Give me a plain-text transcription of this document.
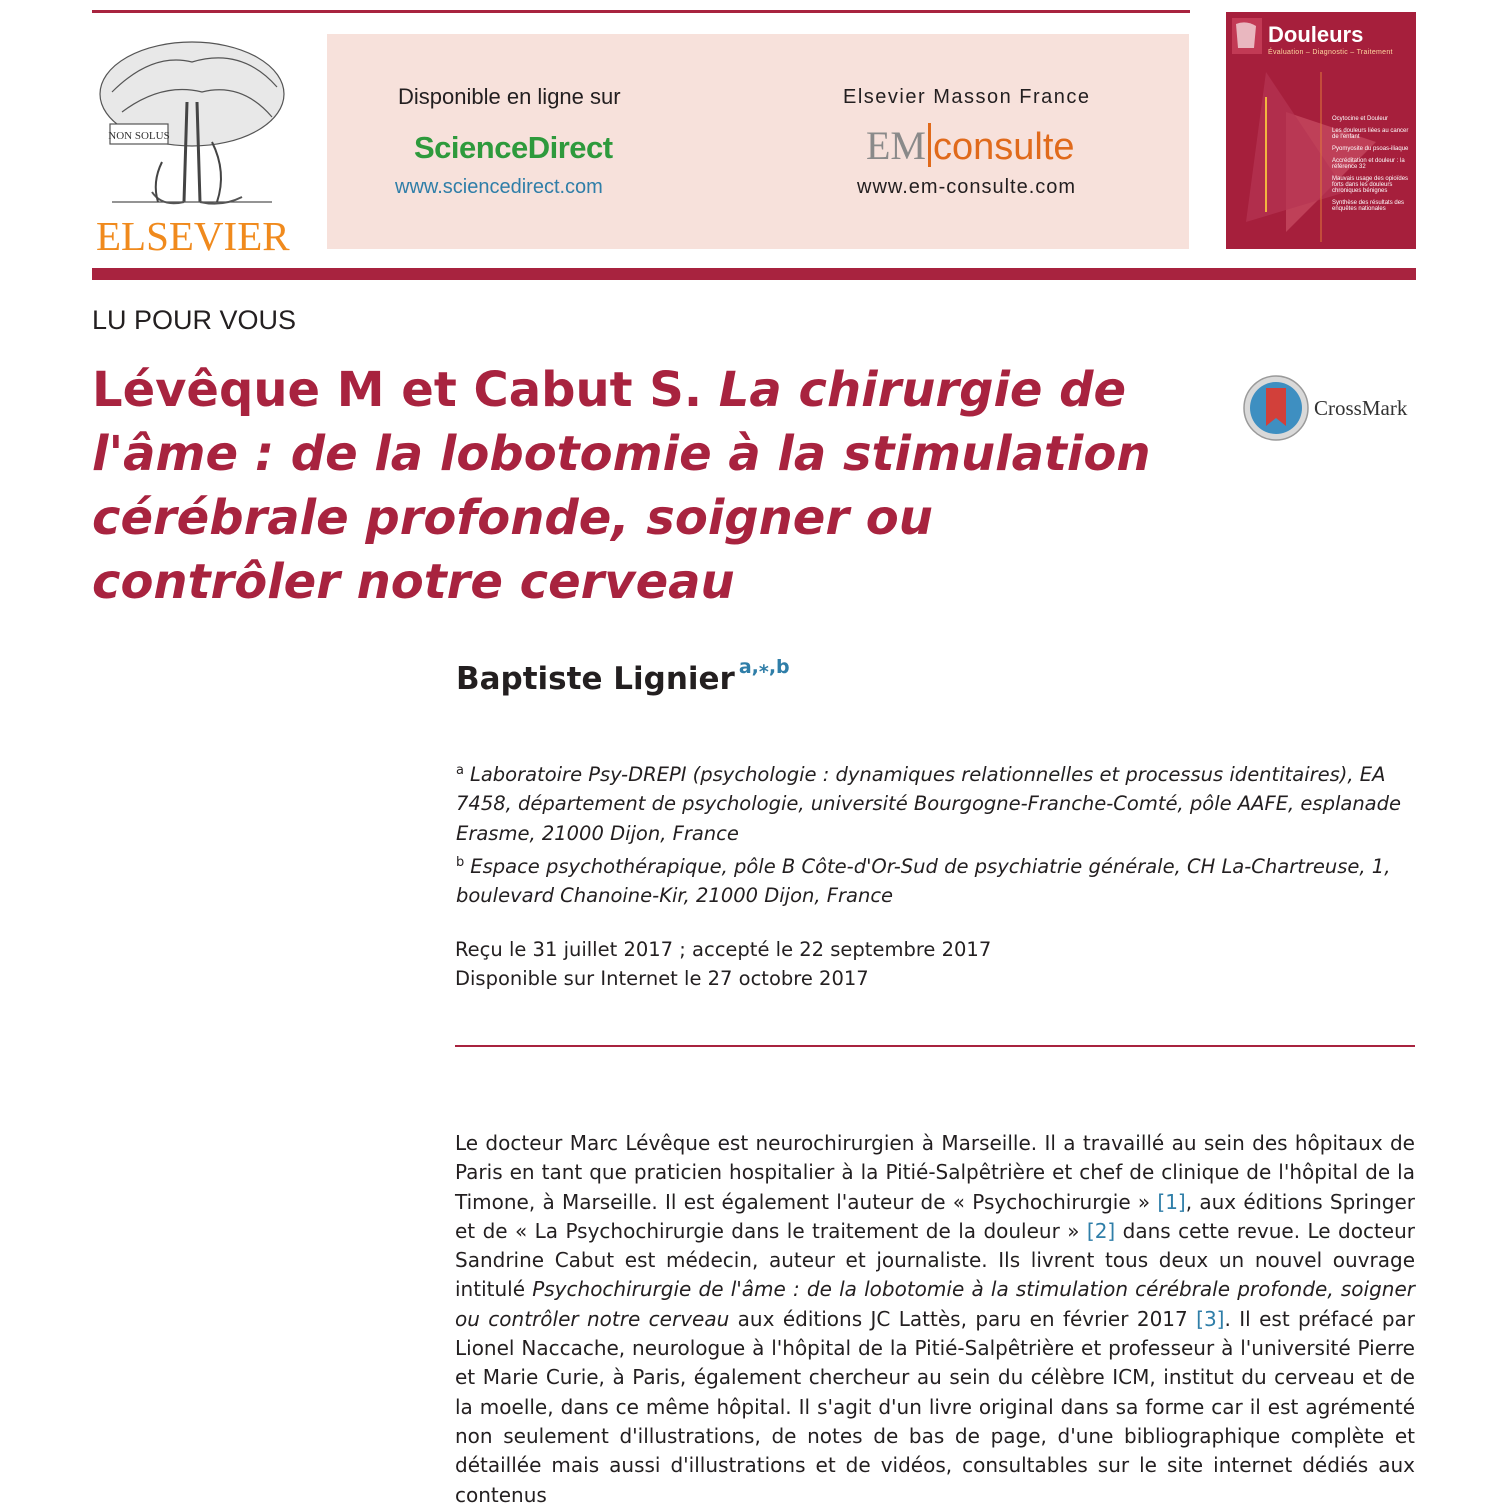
NON SOLUS
ELSEVIER
Disponible en ligne sur
ScienceDirect
www.sciencedirect.com
Elsevier Masson France
EM consulte
www.em-consulte.com
Douleurs
Évaluation – Diagnostic – Traitement
Ocytocine et Douleur
Les douleurs liées au cancer de l'enfant
Pyomyosite du psoas-iliaque
Accréditation et douleur : la référence 32
Mauvais usage des opioïdes forts dans les douleurs chroniques bénignes
Synthèse des résultats des enquêtes nationales
LU POUR VOUS
Lévêque M et Cabut S. La chirurgie de l'âme : de la lobotomie à la stimulation cérébrale profonde, soigner ou contrôler notre cerveau
CrossMark
Baptiste Lignier $^{a,⁎,b}$

$^a$ Laboratoire Psy-DREPI (psychologie : dynamiques relationnelles et processus identitaires), EA 7458, département de psychologie, université Bourgogne-Franche-Comté, pôle AAFE, esplanade Erasme, 21000 Dijon, France

$^b$ Espace psychothérapique, pôle B Côte-d'Or-Sud de psychiatrie générale, CH La-Chartreuse, 1, boulevard Chanoine-Kir, 21000 Dijon, France

Reçu le 31 juillet 2017 ; accepté le 22 septembre 2017

Disponible sur Internet le 27 octobre 2017

Le docteur Marc Lévêque est neurochirurgien à Marseille. Il a travaillé au sein des hôpitaux de Paris en tant que praticien hospitalier à la Pitié-Salpêtrière et chef de clinique de l'hôpital de la Timone, à Marseille. Il est également l'auteur de « Psychochirurgie » [1], aux éditions Springer et de « La Psychochirurgie dans le traitement de la douleur » [2] dans cette revue. Le docteur Sandrine Cabut est médecin, auteur et journaliste. Ils livrent tous deux un nouvel ouvrage intitulé Psychochirurgie de l'âme : de la lobotomie à la stimulation cérébrale profonde, soigner ou contrôler notre cerveau aux éditions JC Lattès, paru en février 2017 [3]. Il est préfacé par Lionel Naccache, neurologue à l'hôpital de la Pitié-Salpêtrière et professeur à l'université Pierre et Marie Curie, à Paris, également chercheur au sein du célèbre ICM, institut du cerveau et de la moelle, dans ce même hôpital. Il s'agit d'un livre original dans sa forme car il est agrémenté non seulement d'illustrations, de notes de bas de page, d'une bibliographique complète et détaillée mais aussi d'illustrations et de vidéos, consultables sur le site internet dédiés aux contenus
